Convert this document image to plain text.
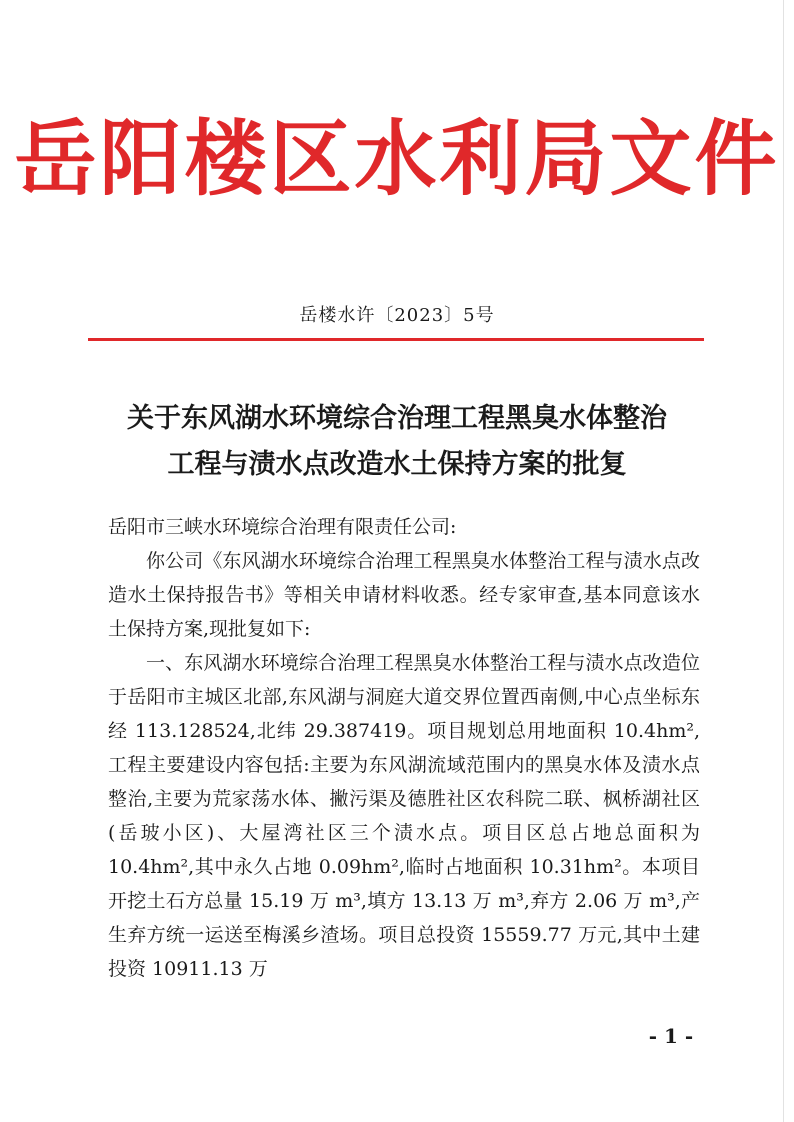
岳阳楼区水利局文件
岳楼水许〔2023〕5号
关于东风湖水环境综合治理工程黑臭水体整治
工程与渍水点改造水土保持方案的批复

岳阳市三峡水环境综合治理有限责任公司:

你公司《东风湖水环境综合治理工程黑臭水体整治工程与渍水点改造水土保持报告书》等相关申请材料收悉。经专家审查,基本同意该水土保持方案,现批复如下:

一、东风湖水环境综合治理工程黑臭水体整治工程与渍水点改造位于岳阳市主城区北部,东风湖与洞庭大道交界位置西南侧,中心点坐标东经 113.128524,北纬 29.387419。项目规划总用地面积 10.4hm²,工程主要建设内容包括:主要为东风湖流域范围内的黑臭水体及渍水点整治,主要为荒家荡水体、撇污渠及德胜社区农科院二联、枫桥湖社区(岳玻小区)、大屋湾社区三个渍水点。项目区总占地总面积为 10.4hm²,其中永久占地 0.09hm²,临时占地面积 10.31hm²。本项目开挖土石方总量 15.19 万 m³,填方 13.13 万 m³,弃方 2.06 万 m³,产生弃方统一运送至梅溪乡渣场。项目总投资 15559.77 万元,其中土建投资 10911.13 万

- 1 -
